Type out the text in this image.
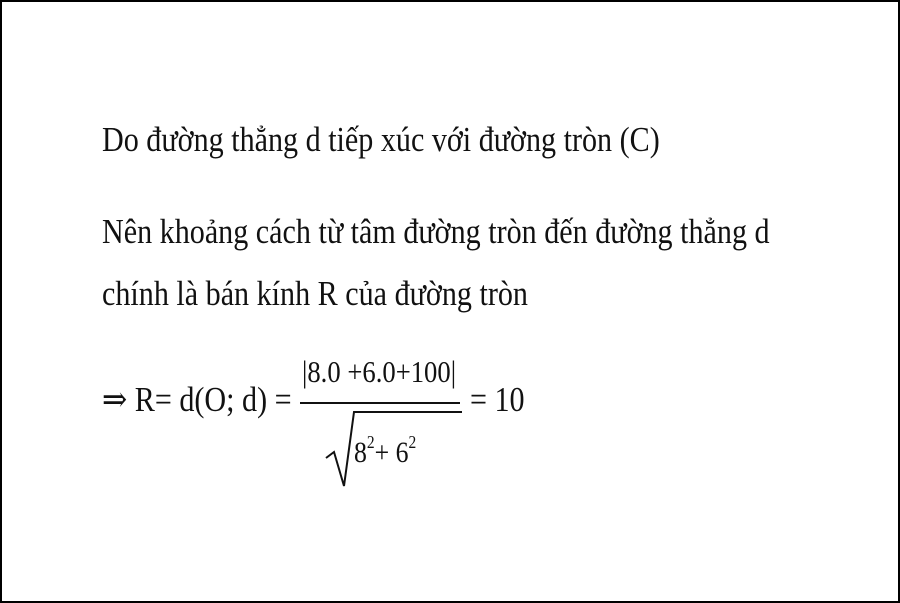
Do đường thẳng d tiếp xúc với đường tròn (C)
Nên khoảng cách từ tâm đường tròn đến đường thẳng d
chính là bán kính R của đường tròn
⇒ R= d(O; d) =
|8.0 +6.0+100|
$8^2+ 6^2$
= 10
